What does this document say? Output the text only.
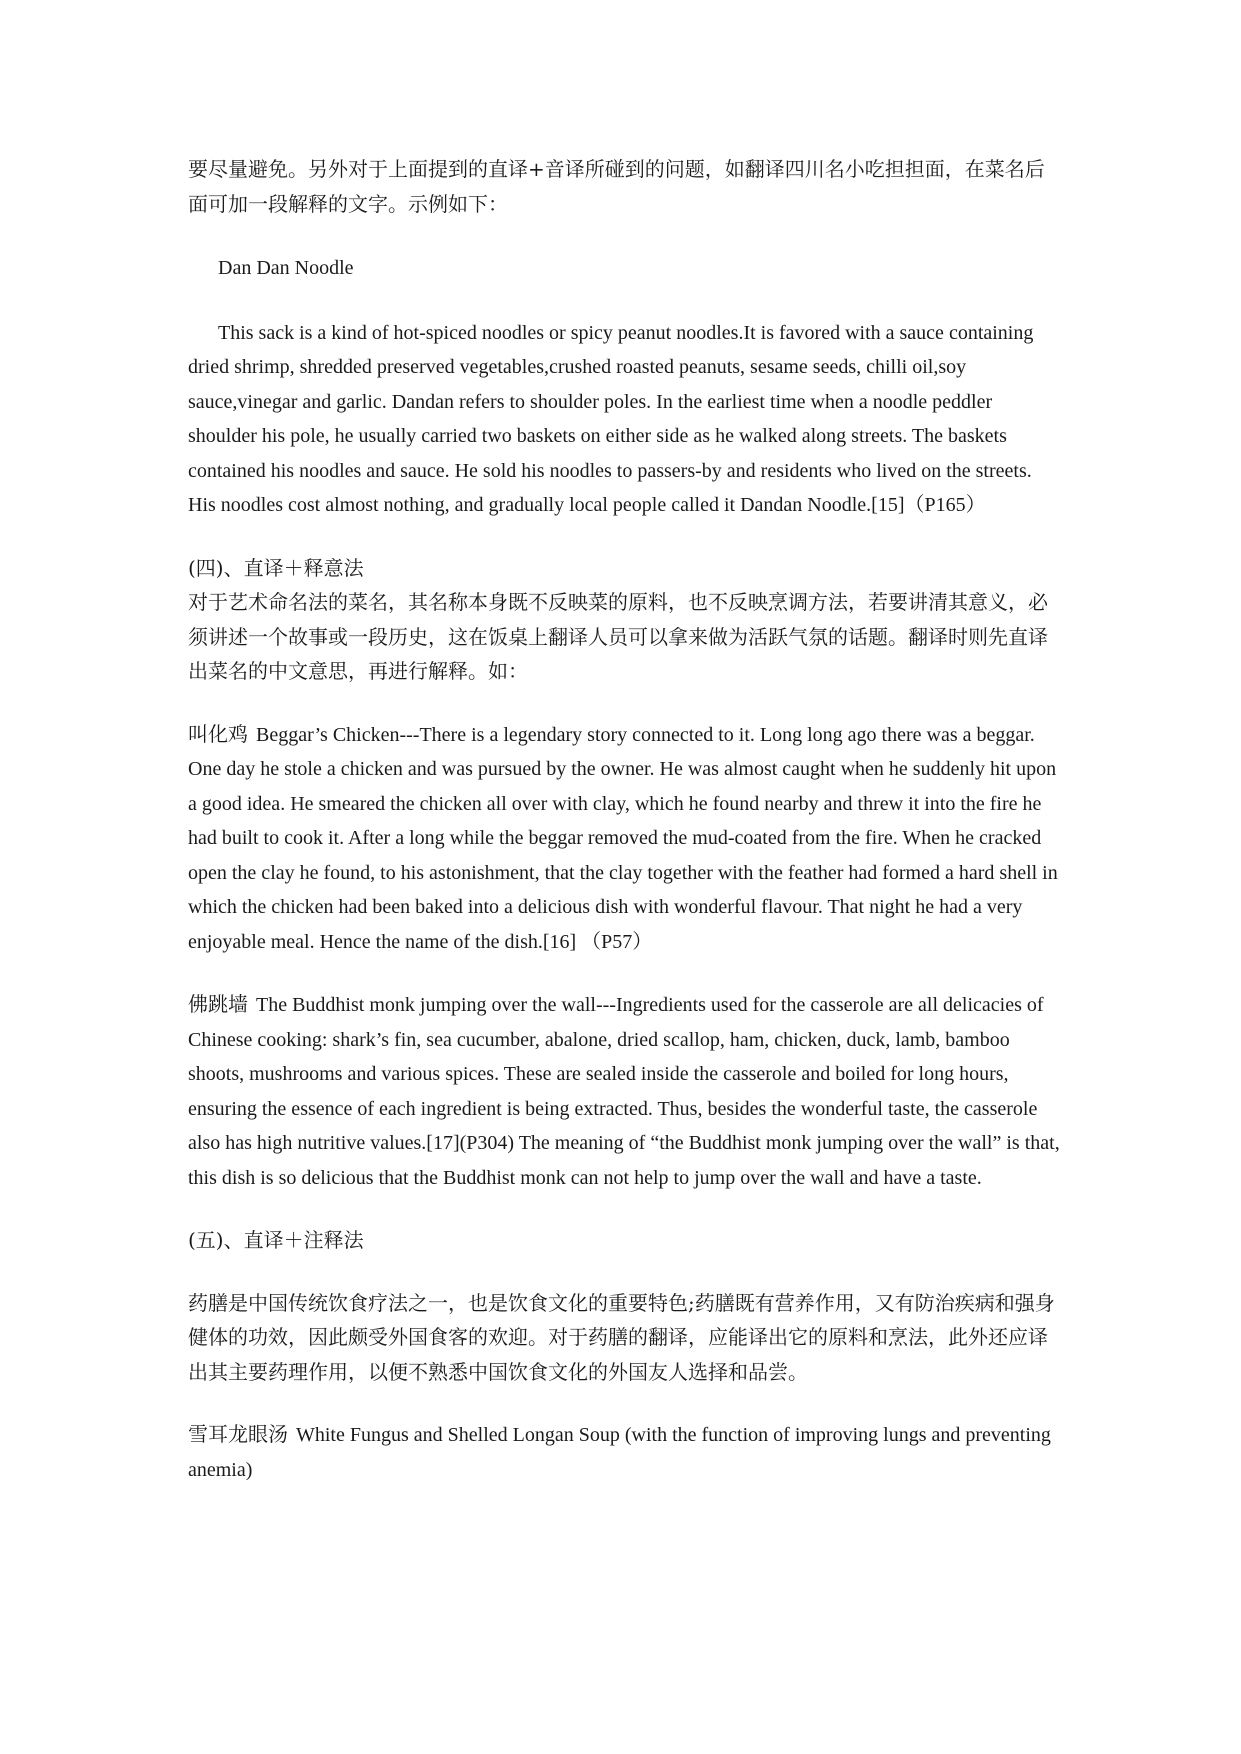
要尽量避免。另外对于上面提到的直译+音译所碰到的问题，如翻译四川名小吃担担面，在菜名后面可加一段解释的文字。示例如下：

Dan Dan Noodle

This sack is a kind of hot-spiced noodles or spicy peanut noodles.It is favored with a sauce containing dried shrimp, shredded preserved vegetables,crushed roasted peanuts, sesame seeds, chilli oil,soy sauce,vinegar and garlic. Dandan refers to shoulder poles. In the earliest time when a noodle peddler shoulder his pole, he usually carried two baskets on either side as he walked along streets. The baskets contained his noodles and sauce. He sold his noodles to passers-by and residents who lived on the streets. His noodles cost almost nothing, and gradually local people called it Dandan Noodle.[15]（P165）

(四)、直译＋释意法

对于艺术命名法的菜名，其名称本身既不反映菜的原料，也不反映烹调方法，若要讲清其意义，必须讲述一个故事或一段历史，这在饭桌上翻译人员可以拿来做为活跃气氛的话题。翻译时则先直译出菜名的中文意思，再进行解释。如：

叫化鸡 Beggar’s Chicken---There is a legendary story connected to it. Long long ago there was a beggar. One day he stole a chicken and was pursued by the owner. He was almost caught when he suddenly hit upon a good idea. He smeared the chicken all over with clay, which he found nearby and threw it into the fire he had built to cook it. After a long while the beggar removed the mud-coated from the fire. When he cracked open the clay he found, to his astonishment, that the clay together with the feather had formed a hard shell in which the chicken had been baked into a delicious dish with wonderful flavour. That night he had a very enjoyable meal. Hence the name of the dish.[16] （P57）

佛跳墙 The Buddhist monk jumping over the wall---Ingredients used for the casserole are all delicacies of Chinese cooking: shark’s fin, sea cucumber, abalone, dried scallop, ham, chicken, duck, lamb, bamboo shoots, mushrooms and various spices. These are sealed inside the casserole and boiled for long hours, ensuring the essence of each ingredient is being extracted. Thus, besides the wonderful taste, the casserole also has high nutritive values.[17](P304) The meaning of “the Buddhist monk jumping over the wall” is that, this dish is so delicious that the Buddhist monk can not help to jump over the wall and have a taste.

(五)、直译＋注释法

药膳是中国传统饮食疗法之一，也是饮食文化的重要特色;药膳既有营养作用，又有防治疾病和强身健体的功效，因此颇受外国食客的欢迎。对于药膳的翻译，应能译出它的原料和烹法，此外还应译出其主要药理作用，以便不熟悉中国饮食文化的外国友人选择和品尝。

雪耳龙眼汤 White Fungus and Shelled Longan Soup (with the function of improving lungs and preventing anemia)
